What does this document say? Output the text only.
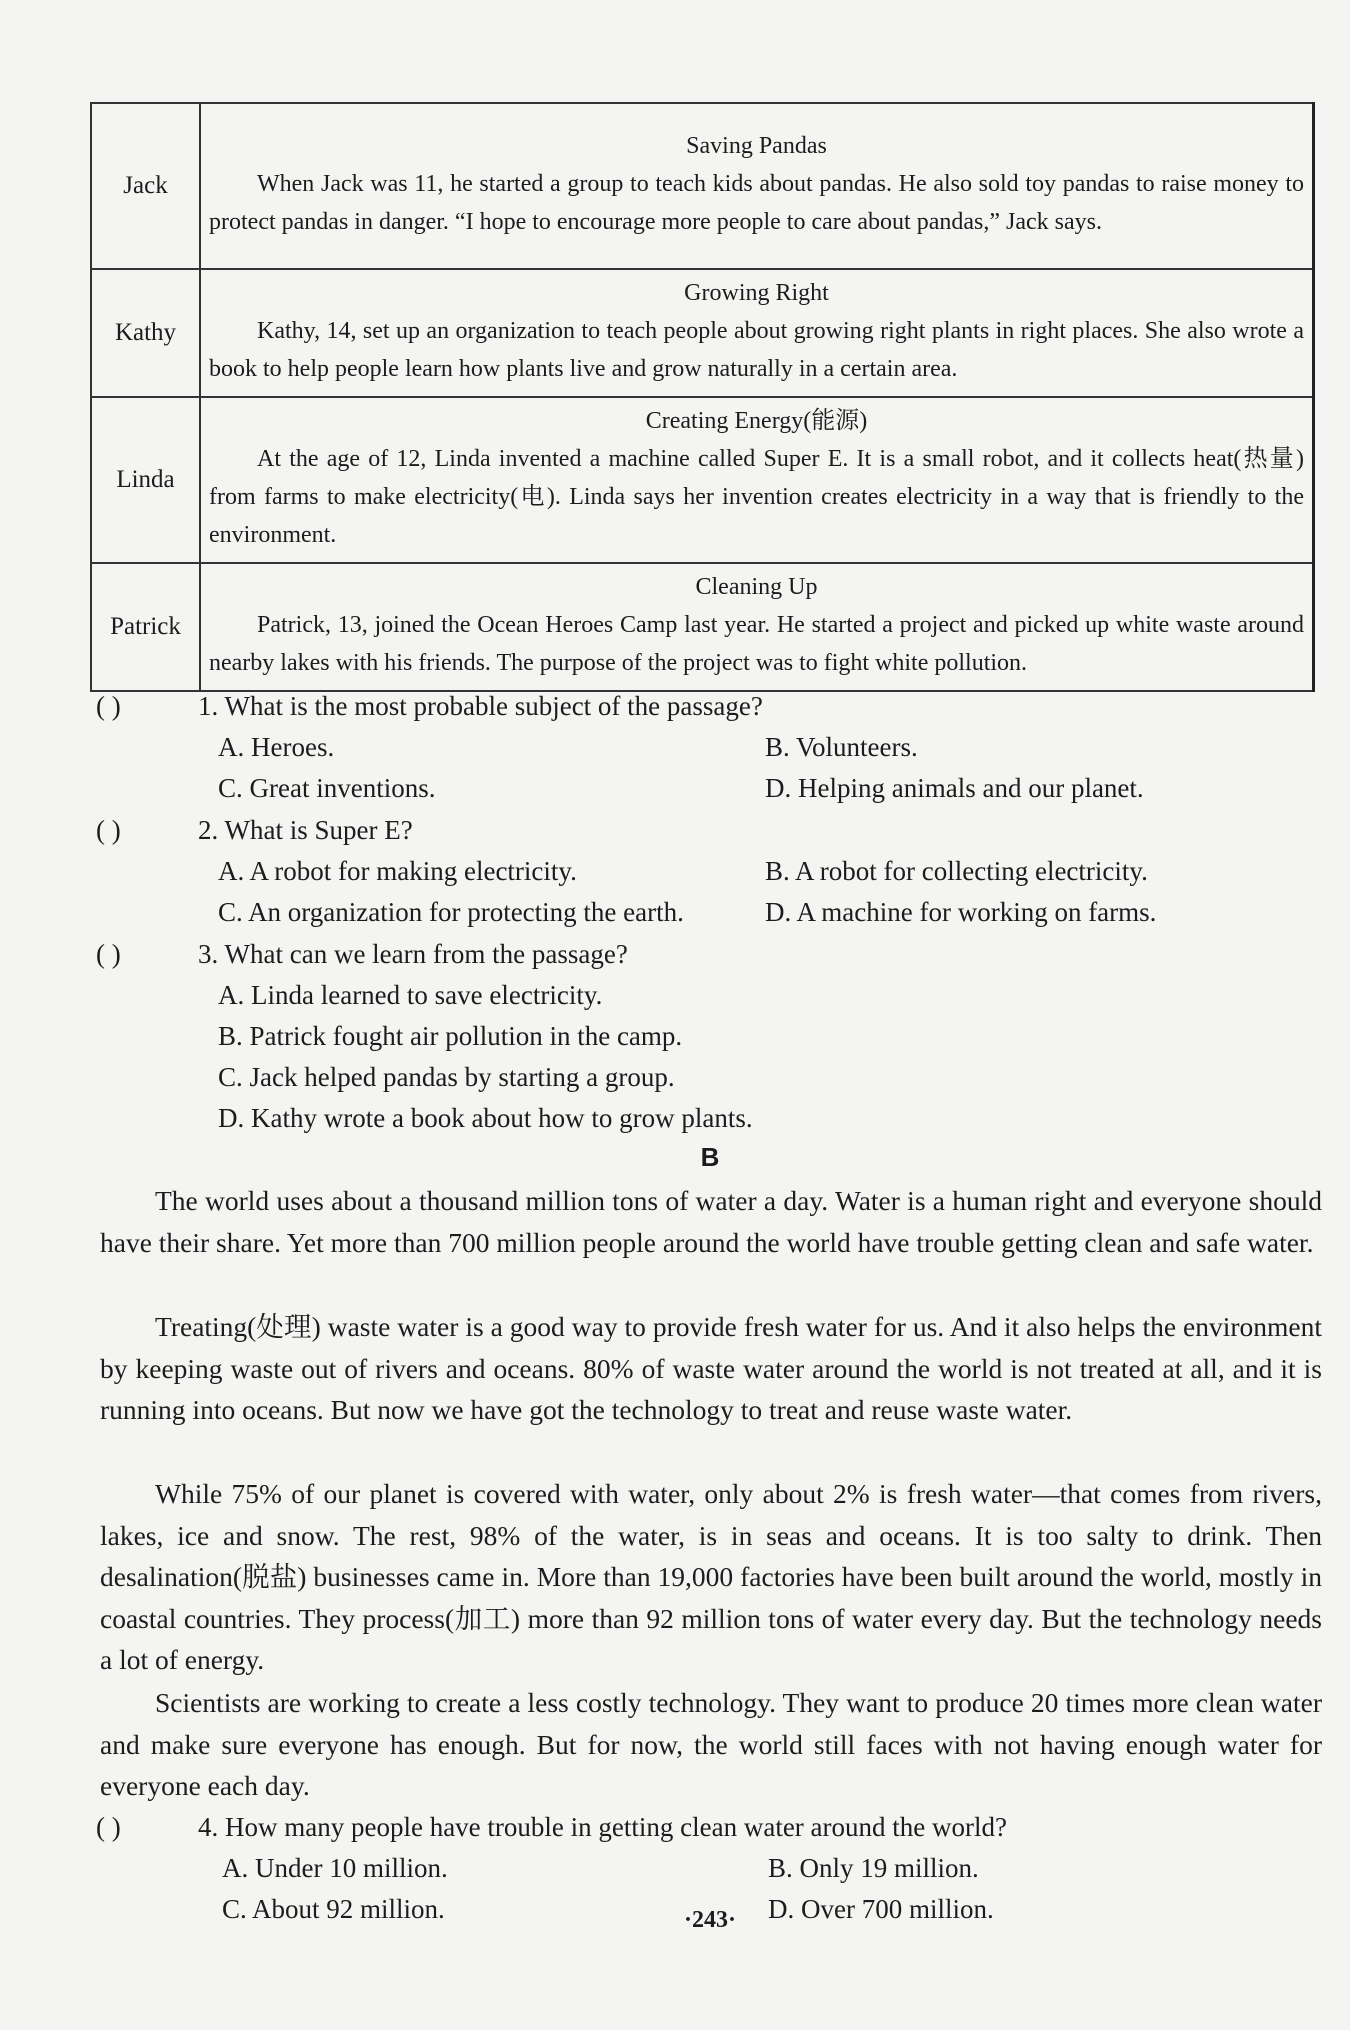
Jack	Saving Pandas
When Jack was 11, he started a group to teach kids about pandas. He also sold toy pandas to raise money to protect pandas in danger. “I hope to encourage more people to care about pandas,” Jack says.

Kathy	Growing Right
Kathy, 14, set up an organization to teach people about growing right plants in right places. She also wrote a book to help people learn how plants live and grow naturally in a certain area.

Linda	Creating Energy(能源)
At the age of 12, Linda invented a machine called Super E. It is a small robot, and it collects heat(热量) from farms to make electricity(电). Linda says her invention creates electricity in a way that is friendly to the environment.

Patrick	Cleaning Up
Patrick, 13, joined the Ocean Heroes Camp last year. He started a project and picked up white waste around nearby lakes with his friends. The purpose of the project was to fight white pollution.
( )	1. What is the most probable subject of the passage?
A. Heroes.	B. Volunteers.
C. Great inventions.	D. Helping animals and our planet.
( )	2. What is Super E?
A. A robot for making electricity.	B. A robot for collecting electricity.
C. An organization for protecting the earth.	D. A machine for working on farms.
( )	3. What can we learn from the passage?
A. Linda learned to save electricity.
B. Patrick fought air pollution in the camp.
C. Jack helped pandas by starting a group.
D. Kathy wrote a book about how to grow plants.
B
The world uses about a thousand million tons of water a day. Water is a human right and everyone should have their share. Yet more than 700 million people around the world have trouble getting clean and safe water.
Treating(处理) waste water is a good way to provide fresh water for us. And it also helps the environment by keeping waste out of rivers and oceans. 80% of waste water around the world is not treated at all, and it is running into oceans. But now we have got the technology to treat and reuse waste water.
While 75% of our planet is covered with water, only about 2% is fresh water—that comes from rivers, lakes, ice and snow. The rest, 98% of the water, is in seas and oceans. It is too salty to drink. Then desalination(脱盐) businesses came in. More than 19,000 factories have been built around the world, mostly in coastal countries. They process(加工) more than 92 million tons of water every day. But the technology needs a lot of energy.
Scientists are working to create a less costly technology. They want to produce 20 times more clean water and make sure everyone has enough. But for now, the world still faces with not having enough water for everyone each day.
( )	4. How many people have trouble in getting clean water around the world?
A. Under 10 million.	B. Only 19 million.
C. About 92 million.	D. Over 700 million.
·243·
